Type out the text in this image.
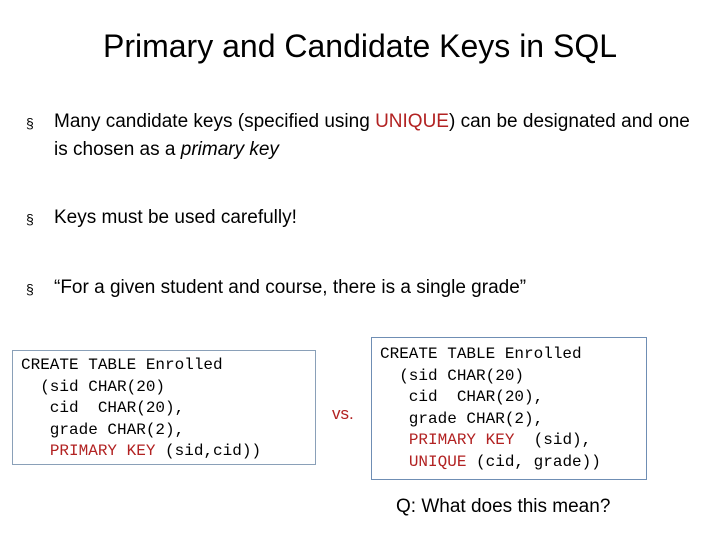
Primary and Candidate Keys in SQL
§	Many candidate keys (specified using UNIQUE) can be designated and one is chosen as a primary key
§	Keys must be used carefully!
§	“For a given student and course, there is a single grade”
CREATE TABLE Enrolled
(sid CHAR(20)
cid  CHAR(20),
grade CHAR(2),
PRIMARY KEY (sid,cid))
vs.
CREATE TABLE Enrolled
(sid CHAR(20)
cid  CHAR(20),
grade CHAR(2),
PRIMARY KEY  (sid),
UNIQUE (cid, grade))
Q: What does this mean?
